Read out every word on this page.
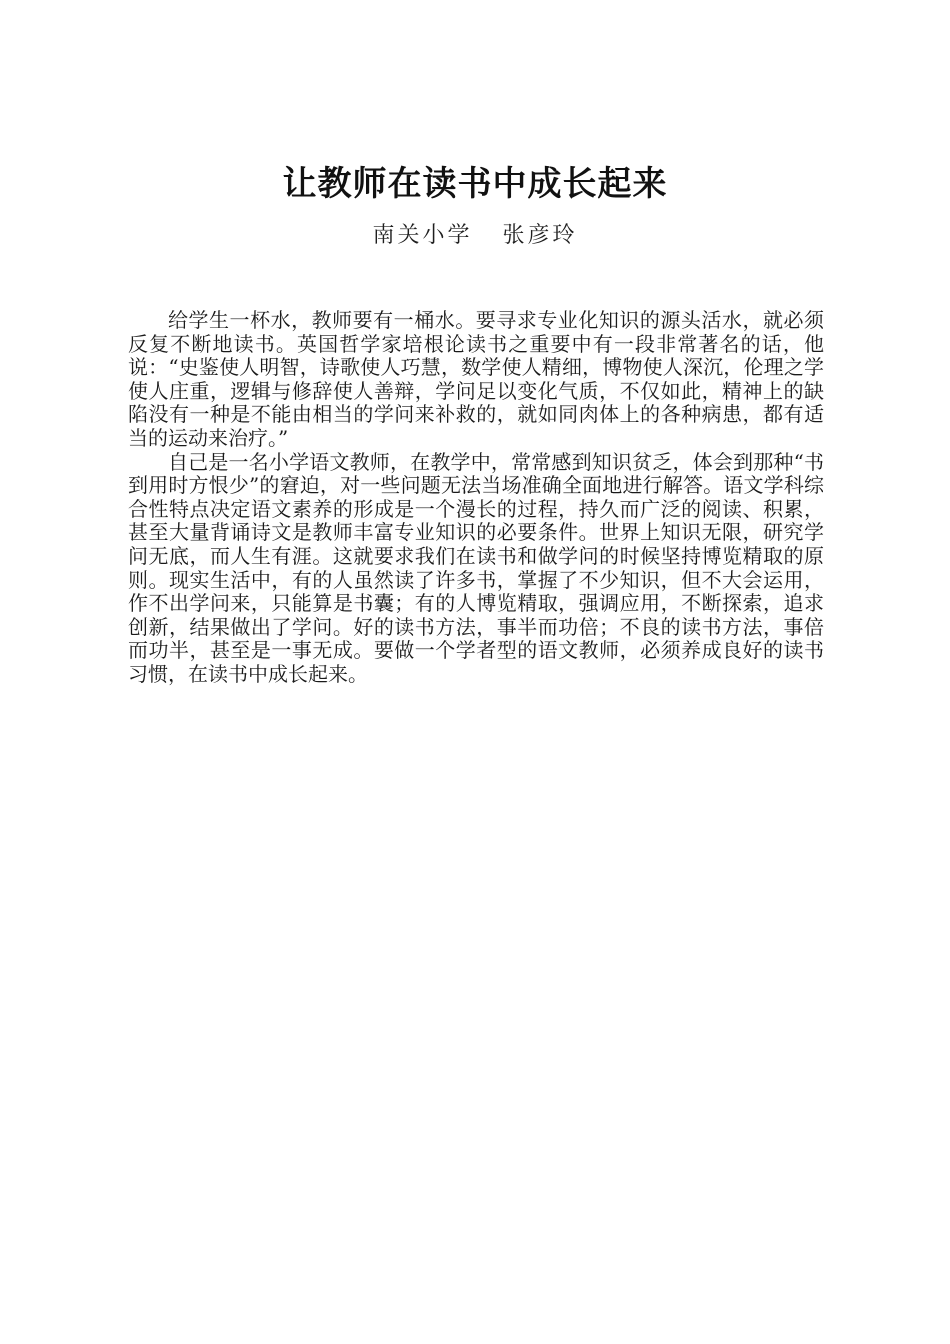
让教师在读书中成长起来
南关小学 张彦玲

给学生一杯水，教师要有一桶水。要寻求专业化知识的源头活水，就必须反复不断地读书。英国哲学家培根论读书之重要中有一段非常著名的话，他说：“史鉴使人明智，诗歌使人巧慧，数学使人精细，博物使人深沉，伦理之学使人庄重，逻辑与修辞使人善辩，学问足以变化气质，不仅如此，精神上的缺陷没有一种是不能由相当的学问来补救的，就如同肉体上的各种病患，都有适当的运动来治疗。”

自己是一名小学语文教师，在教学中，常常感到知识贫乏，体会到那种“书到用时方恨少”的窘迫，对一些问题无法当场准确全面地进行解答。语文学科综合性特点决定语文素养的形成是一个漫长的过程，持久而广泛的阅读、积累，甚至大量背诵诗文是教师丰富专业知识的必要条件。世界上知识无限，研究学问无底，而人生有涯。这就要求我们在读书和做学问的时候坚持博览精取的原则。现实生活中，有的人虽然读了许多书，掌握了不少知识，但不大会运用，作不出学问来，只能算是书囊；有的人博览精取，强调应用，不断探索，追求创新，结果做出了学问。好的读书方法，事半而功倍；不良的读书方法，事倍而功半，甚至是一事无成。要做一个学者型的语文教师，必须养成良好的读书习惯，在读书中成长起来。
